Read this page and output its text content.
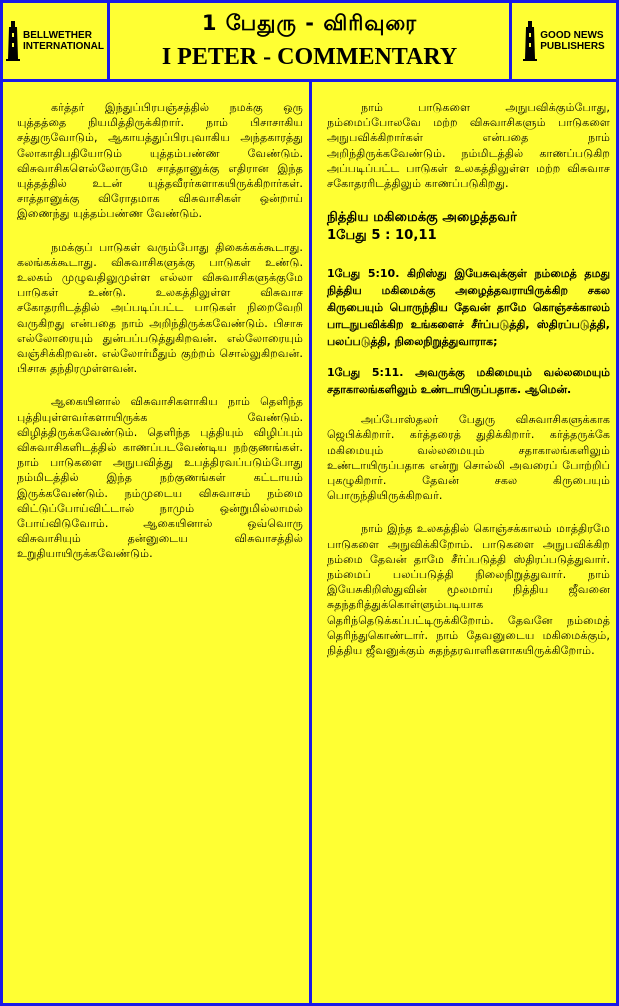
BELLWETHER
INTERNATIONAL
1 பேதுரு - விரிவுரை
I PETER - COMMENTARY
GOOD NEWS
PUBLISHERS

கர்த்தர் இந்துப்பிரபஞ்சத்தில் நமக்கு ஒரு யுத்தத்தை நியமித்திருக்கிறார். நாம் பிசாசாகிய சத்துருவோடும், ஆகாயத்துப்பிரபுவாகிய அந்தகாரத்து லோகாதிபதியோடும் யுத்தம்பண்ண வேண்டும். விசுவாசிகளெல்லோருமே சாத்தானுக்கு எதிரான இந்த யுத்தத்தில் உடன் யுத்தவீரர்களாகயிருக்கிறார்கள். சாத்தானுக்கு விரோதமாக விசுவாசிகள் ஒன்றாய் இணைந்து யுத்தம்பண்ண வேண்டும்.

நமக்குப் பாடுகள் வரும்போது திகைக்கக்கூடாது. கலங்கக்கூடாது. விசுவாசிகளுக்கு பாடுகள் உண்டு. உலகம் முழுவதிலுமுள்ள எல்லா விசுவாசிகளுக்குமே பாடுகள் உண்டு. உலகத்திலுள்ள விசுவாச சகோதரரிடத்தில் அப்படிப்பட்ட பாடுகள் நிறைவேறி வருகிறது என்பதை நாம் அறிந்திருக்கவேண்டும். பிசாசு எல்லோரையும் துன்பப்படுத்துகிறவன். எல்லோரையும் வஞ்சிக்கிறவன். எல்லோர்மீதும் குற்றம் சொல்லுகிறவன். பிசாசு தந்திரமுள்ளவன்.

ஆகையினால் விசுவாசிகளாகிய நாம் தெளிந்த புத்தியுள்ளவர்களாயிருக்க வேண்டும். விழித்திருக்கவேண்டும். தெளிந்த புத்தியும் விழிப்பும் விசுவாசிகளிடத்தில் காணப்படவேண்டிய நற்குணங்கள். நாம் பாடுகளை அநுபவித்து உபத்திரவப்படும்போது நம்மிடத்தில் இந்த நற்குணங்கள் கட்டாயம் இருக்கவேண்டும். நம்முடைய விசுவாசம் நம்மை விட்டுப்போய்விட்டால் நாமும் ஒன்றுமில்லாமல் போய்விடுவோம். ஆகையினால் ஒவ்வொரு விசுவாசியும் தன்னுடைய விசுவாசத்தில் உறுதியாயிருக்கவேண்டும்.

நாம் பாடுகளை அநுபவிக்கும்போது, நம்மைப்போலவே மற்ற விசுவாசிகளும் பாடுகளை அநுபவிக்கிறார்கள் என்பதை நாம் அறிந்திருக்கவேண்டும். நம்மிடத்தில் காணப்படுகிற அப்படிப்பட்ட பாடுகள் உலகத்திலுள்ள மற்ற விசுவாச சகோதரரிடத்திலும் காணப்படுகிறது.

நித்திய மகிமைக்கு அழைத்தவர்
1பேது 5 : 10,11

1பேது 5:10. கிறிஸ்து இயேசுவுக்குள் நம்மைத் தமது நித்திய மகிமைக்கு அழைத்தவராயிருக்கிற சகல கிருபையும் பொருந்திய தேவன் தாமே கொஞ்சக்காலம் பாடநுபவிக்கிற உங்களைச் சீர்ப்படுத்தி, ஸ்திரப்படுத்தி, பலப்படுத்தி, நிலைநிறுத்துவாராக;

1பேது 5:11. அவருக்கு மகிமையும் வல்லமையும் சதாகாலங்களிலும் உண்டாயிருப்பதாக. ஆமென்.

அப்போஸ்தலர் பேதுரு விசுவாசிகளுக்காக ஜெபிக்கிறார். கர்த்தரைத் துதிக்கிறார். கர்த்தருக்கே மகிமையும் வல்லமையும் சதாகாலங்களிலும் உண்டாயிருப்பதாக என்று சொல்லி அவரைப் போற்றிப் புகழுகிறார். தேவன் சகல கிருபையும் பொருந்தியிருக்கிறவர்.

நாம் இந்த உலகத்தில் கொஞ்சக்காலம் மாத்திரமே பாடுகளை அநுவிக்கிறோம். பாடுகளை அநுபவிக்கிற நம்மை தேவன் தாமே சீர்ப்படுத்தி ஸ்திரப்படுத்துவார். நம்மைப் பலப்படுத்தி நிலைநிறுத்துவார். நாம் இயேசுகிறிஸ்துவின் மூலமாய் நித்திய ஜீவனை சுதந்தரித்துக்கொள்ளும்படியாக தெரிந்தெடுக்கப்பட்டிருக்கிறோம். தேவனே நம்மைத் தெரிந்துகொண்டார். நாம் தேவனுடைய மகிமைக்கும், நித்திய ஜீவனுக்கும் சுதந்தரவாளிகளாகயிருக்கிறோம்.
